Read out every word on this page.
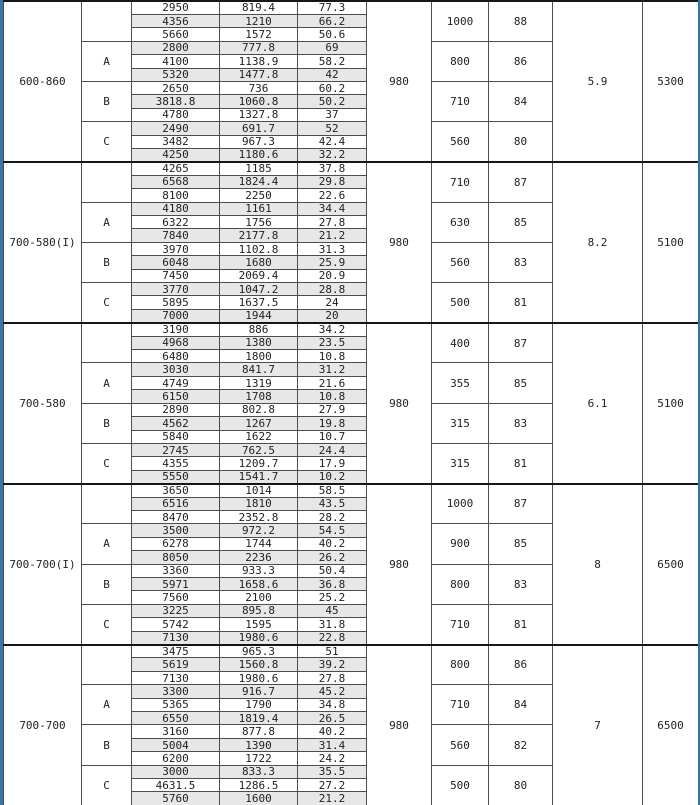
600-860		2950	819.4	77.3	980	1000	88	5.9	5300
		4356	1210	66.2					
		5660	1572	50.6					
	A	2800	777.8	69		800	86		
		4100	1138.9	58.2					
		5320	1477.8	42					
	B	2650	736	60.2		710	84		
		3818.8	1060.8	50.2					
		4780	1327.8	37					
	C	2490	691.7	52		560	80		
		3482	967.3	42.4					
		4250	1180.6	32.2					
700-580(I)		4265	1185	37.8	980	710	87	8.2	5100
		6568	1824.4	29.8					
		8100	2250	22.6					
	A	4180	1161	34.4		630	85		
		6322	1756	27.8					
		7840	2177.8	21.2					
	B	3970	1102.8	31.3		560	83		
		6048	1680	25.9					
		7450	2069.4	20.9					
	C	3770	1047.2	28.8		500	81		
		5895	1637.5	24					
		7000	1944	20					
700-580		3190	886	34.2	980	400	87	6.1	5100
		4968	1380	23.5					
		6480	1800	10.8					
	A	3030	841.7	31.2		355	85		
		4749	1319	21.6					
		6150	1708	10.8					
	B	2890	802.8	27.9		315	83		
		4562	1267	19.8					
		5840	1622	10.7					
	C	2745	762.5	24.4		315	81		
		4355	1209.7	17.9					
		5550	1541.7	10.2					
700-700(I)		3650	1014	58.5	980	1000	87	8	6500
		6516	1810	43.5					
		8470	2352.8	28.2					
	A	3500	972.2	54.5		900	85		
		6278	1744	40.2					
		8050	2236	26.2					
	B	3360	933.3	50.4		800	83		
		5971	1658.6	36.8					
		7560	2100	25.2					
	C	3225	895.8	45		710	81		
		5742	1595	31.8					
		7130	1980.6	22.8					
700-700		3475	965.3	51	980	800	86	7	6500
		5619	1560.8	39.2					
		7130	1980.6	27.8					
	A	3300	916.7	45.2		710	84		
		5365	1790	34.8					
		6550	1819.4	26.5					
	B	3160	877.8	40.2		560	82		
		5004	1390	31.4					
		6200	1722	24.2					
	C	3000	833.3	35.5		500	80		
		4631.5	1286.5	27.2					
		5760	1600	21.2					
